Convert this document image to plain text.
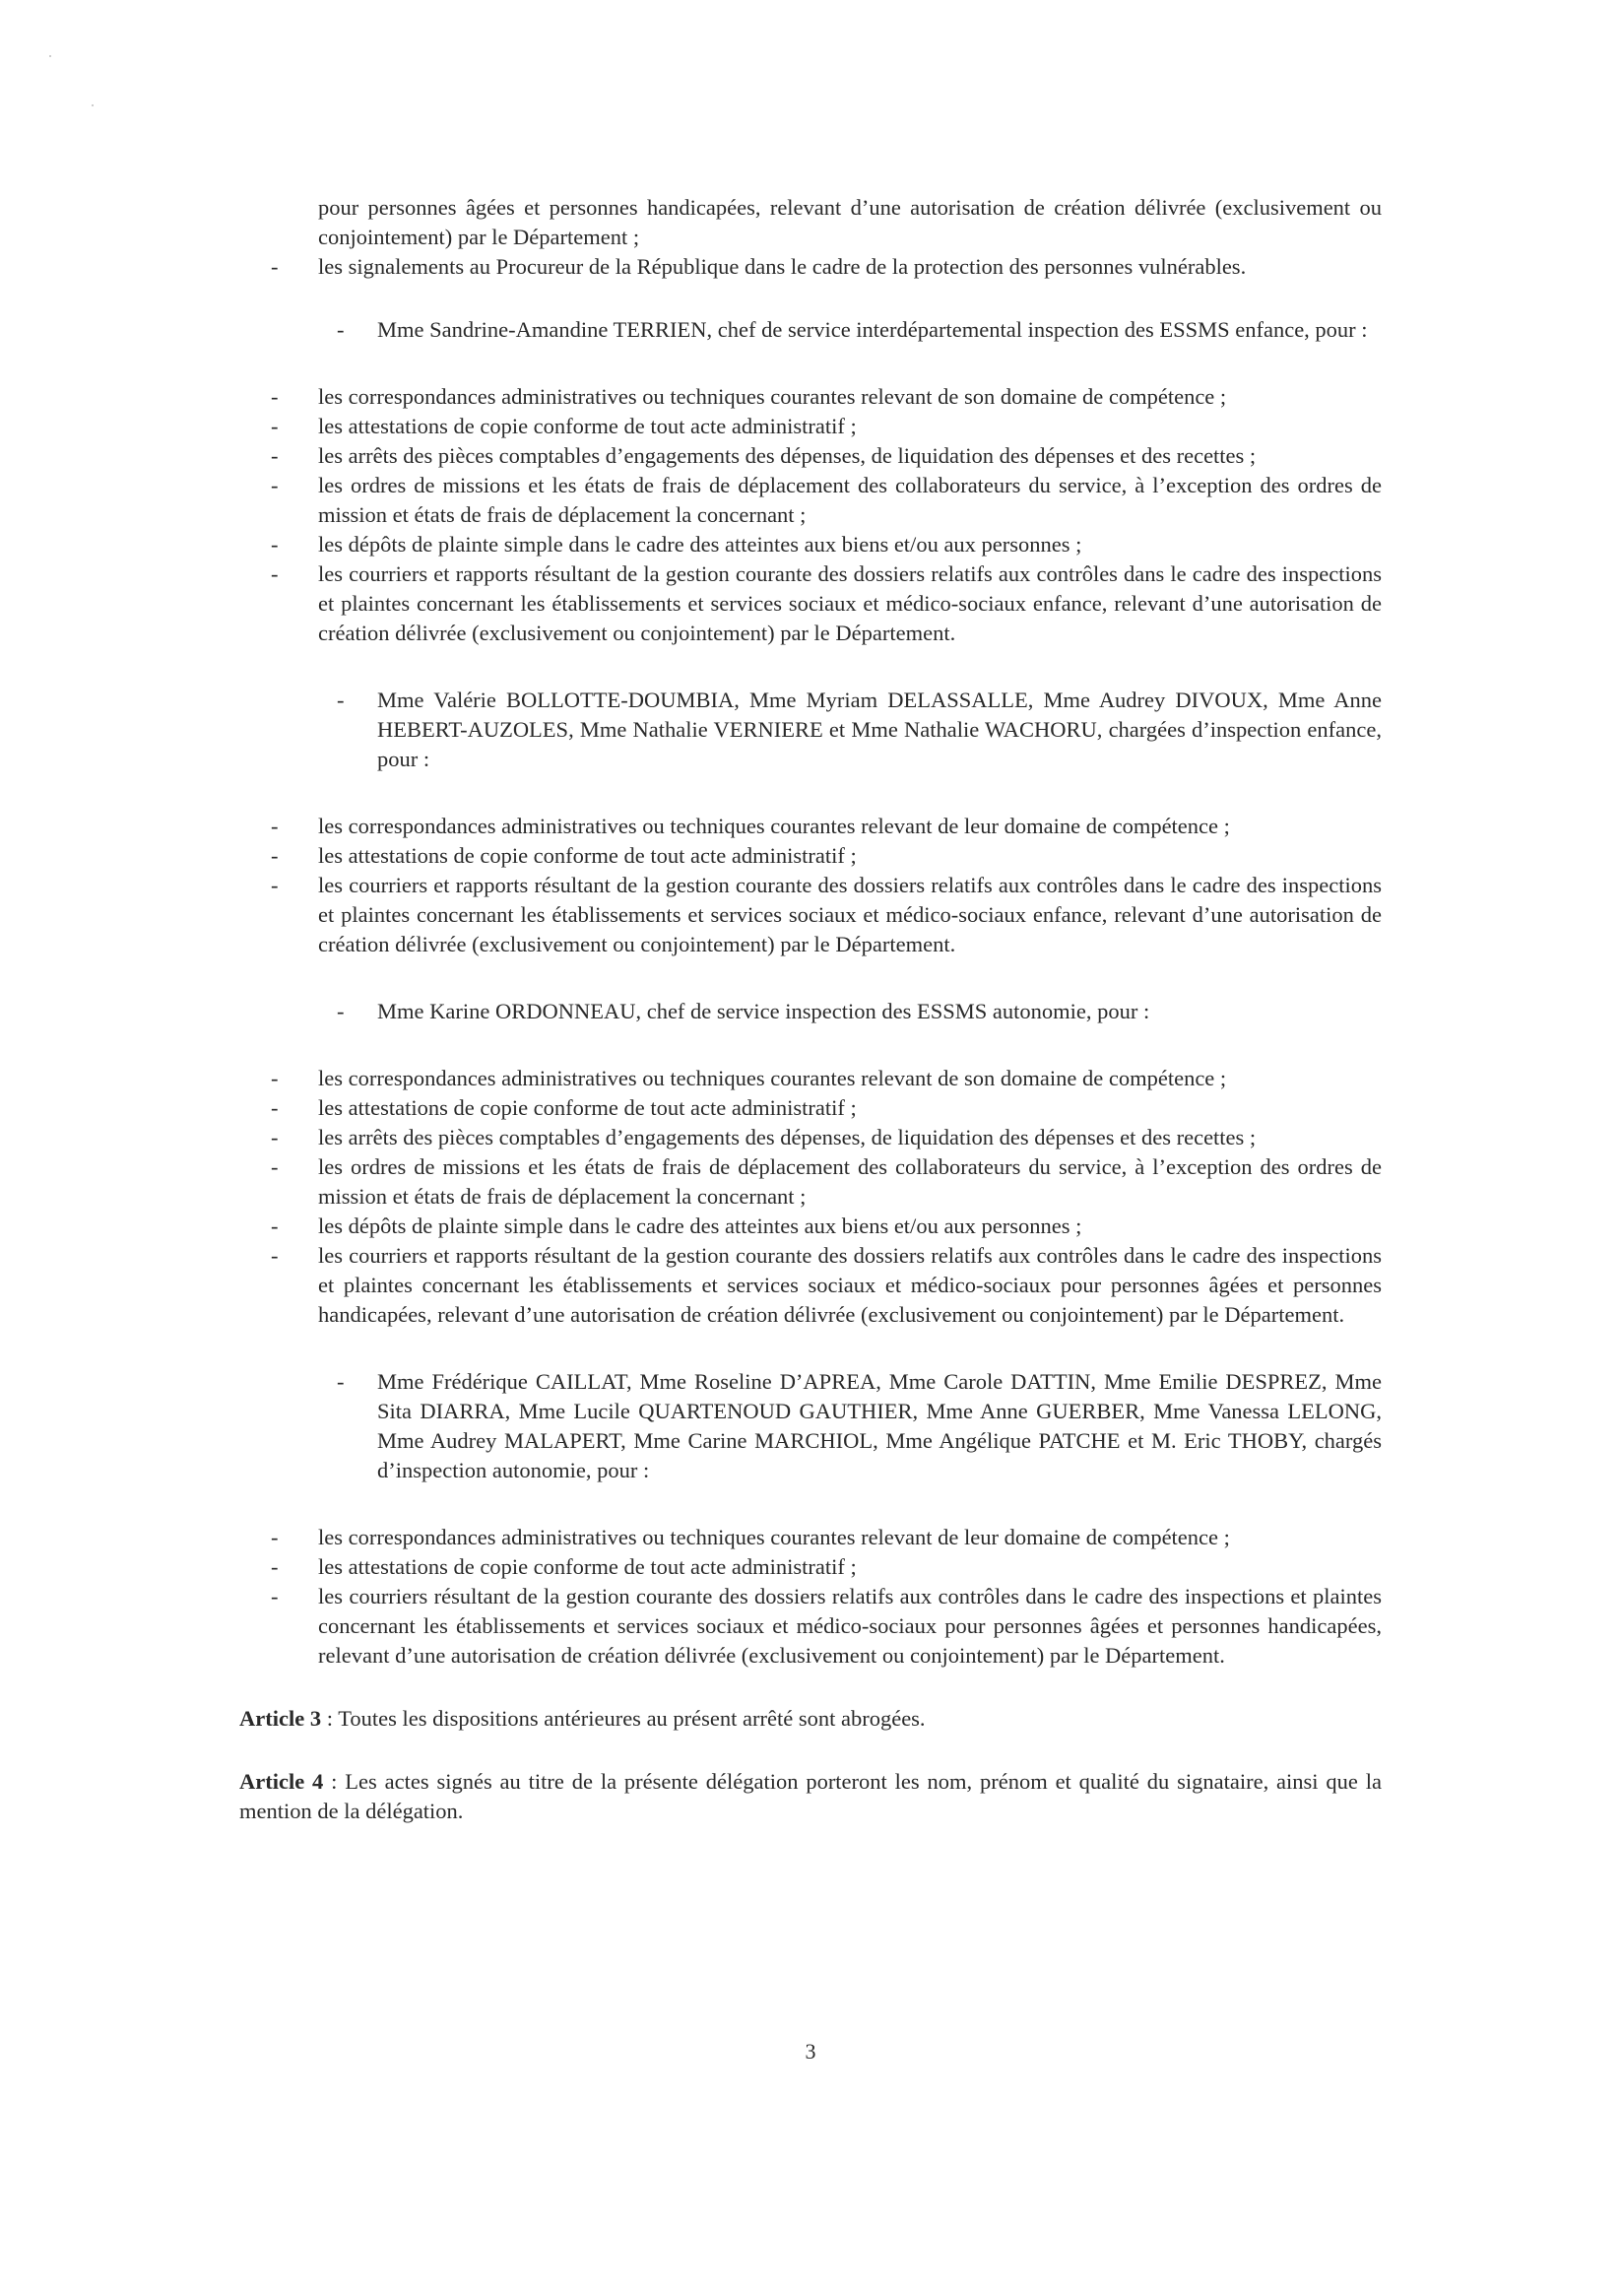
pour personnes âgées et personnes handicapées, relevant d’une autorisation de création délivrée (exclusivement ou conjointement) par le Département ;

- les signalements au Procureur de la République dans le cadre de la protection des personnes vulnérables.

- Mme Sandrine-Amandine TERRIEN, chef de service interdépartemental inspection des ESSMS enfance, pour :

- les correspondances administratives ou techniques courantes relevant de son domaine de compétence ;

- les attestations de copie conforme de tout acte administratif ;

- les arrêts des pièces comptables d’engagements des dépenses, de liquidation des dépenses et des recettes ;

- les ordres de missions et les états de frais de déplacement des collaborateurs du service, à l’exception des ordres de mission et états de frais de déplacement la concernant ;

- les dépôts de plainte simple dans le cadre des atteintes aux biens et/ou aux personnes ;

- les courriers et rapports résultant de la gestion courante des dossiers relatifs aux contrôles dans le cadre des inspections et plaintes concernant les établissements et services sociaux et médico-sociaux enfance, relevant d’une autorisation de création délivrée (exclusivement ou conjointement) par le Département.

- Mme Valérie BOLLOTTE-DOUMBIA, Mme Myriam DELASSALLE, Mme Audrey DIVOUX, Mme Anne HEBERT-AUZOLES, Mme Nathalie VERNIERE et Mme Nathalie WACHORU, chargées d’inspection enfance, pour :

- les correspondances administratives ou techniques courantes relevant de leur domaine de compétence ;

- les attestations de copie conforme de tout acte administratif ;

- les courriers et rapports résultant de la gestion courante des dossiers relatifs aux contrôles dans le cadre des inspections et plaintes concernant les établissements et services sociaux et médico-sociaux enfance, relevant d’une autorisation de création délivrée (exclusivement ou conjointement) par le Département.

- Mme Karine ORDONNEAU, chef de service inspection des ESSMS autonomie, pour :

- les correspondances administratives ou techniques courantes relevant de son domaine de compétence ;

- les attestations de copie conforme de tout acte administratif ;

- les arrêts des pièces comptables d’engagements des dépenses, de liquidation des dépenses et des recettes ;

- les ordres de missions et les états de frais de déplacement des collaborateurs du service, à l’exception des ordres de mission et états de frais de déplacement la concernant ;

- les dépôts de plainte simple dans le cadre des atteintes aux biens et/ou aux personnes ;

- les courriers et rapports résultant de la gestion courante des dossiers relatifs aux contrôles dans le cadre des inspections et plaintes concernant les établissements et services sociaux et médico-sociaux pour personnes âgées et personnes handicapées, relevant d’une autorisation de création délivrée (exclusivement ou conjointement) par le Département.

- Mme Frédérique CAILLAT, Mme Roseline D’APREA, Mme Carole DATTIN, Mme Emilie DESPREZ, Mme Sita DIARRA, Mme Lucile QUARTENOUD GAUTHIER, Mme Anne GUERBER, Mme Vanessa LELONG, Mme Audrey MALAPERT, Mme Carine MARCHIOL, Mme Angélique PATCHE et M. Eric THOBY, chargés d’inspection autonomie, pour :

- les correspondances administratives ou techniques courantes relevant de leur domaine de compétence ;

- les attestations de copie conforme de tout acte administratif ;

- les courriers résultant de la gestion courante des dossiers relatifs aux contrôles dans le cadre des inspections et plaintes concernant les établissements et services sociaux et médico-sociaux pour personnes âgées et personnes handicapées, relevant d’une autorisation de création délivrée (exclusivement ou conjointement) par le Département.

Article 3 : Toutes les dispositions antérieures au présent arrêté sont abrogées.

Article 4 : Les actes signés au titre de la présente délégation porteront les nom, prénom et qualité du signataire, ainsi que la mention de la délégation.

3
